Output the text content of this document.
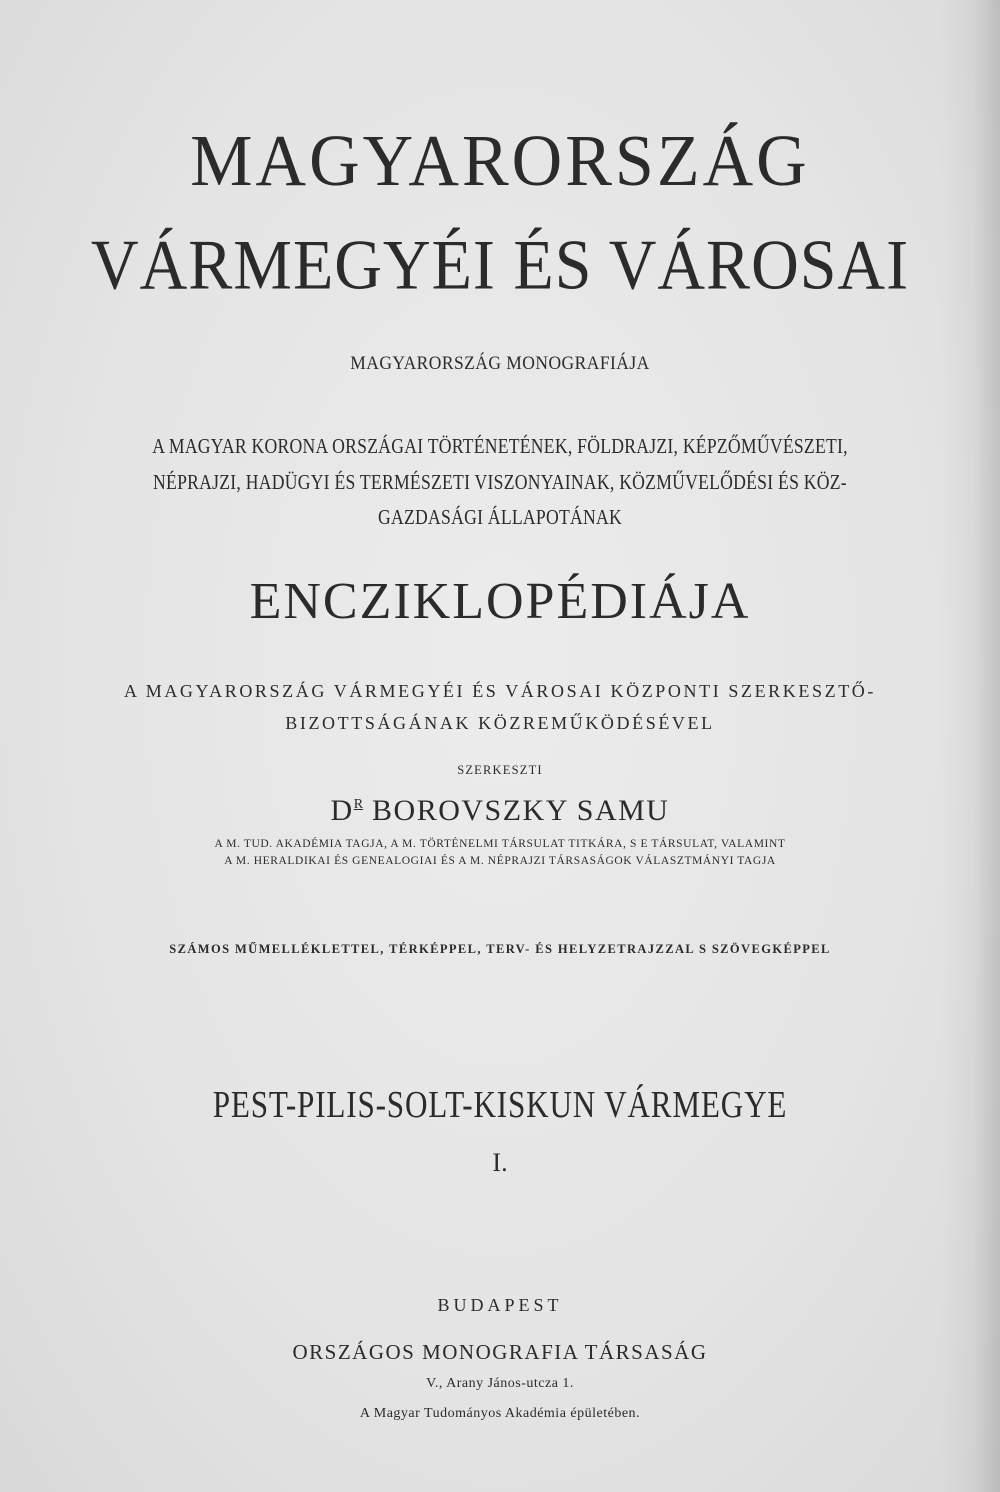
MAGYARORSZÁG

VÁRMEGYÉI ÉS VÁROSAI

MAGYARORSZÁG MONOGRAFIÁJA

A MAGYAR KORONA ORSZÁGAI TÖRTÉNETÉNEK, FÖLDRAJZI, KÉPZŐMŰVÉSZETI,

NÉPRAJZI, HADÜGYI ÉS TERMÉSZETI VISZONYAINAK, KÖZMŰVELŐDÉSI ÉS KÖZ-

GAZDASÁGI ÁLLAPOTÁNAK

ENCZIKLOPÉDIÁJA

A MAGYARORSZÁG VÁRMEGYÉI ÉS VÁROSAI KÖZPONTI SZERKESZTŐ-

BIZOTTSÁGÁNAK KÖZREMŰKÖDÉSÉVEL

SZERKESZTI

$D^R$ BOROVSZKY SAMU

A M. TUD. AKADÉMIA TAGJA, A M. TÖRTÉNELMI TÁRSULAT TITKÁRA, S E TÁRSULAT, VALAMINT

A M. HERALDIKAI ÉS GENEALOGIAI ÉS A M. NÉPRAJZI TÁRSASÁGOK VÁLASZTMÁNYI TAGJA

SZÁMOS MŰMELLÉKLETTEL, TÉRKÉPPEL, TERV- ÉS HELYZETRAJZZAL S SZÖVEGKÉPPEL

PEST-PILIS-SOLT-KISKUN VÁRMEGYE

I.

BUDAPEST

ORSZÁGOS MONOGRAFIA TÁRSASÁG

V., Arany János-utcza 1.

A Magyar Tudományos Akadémia épületében.
